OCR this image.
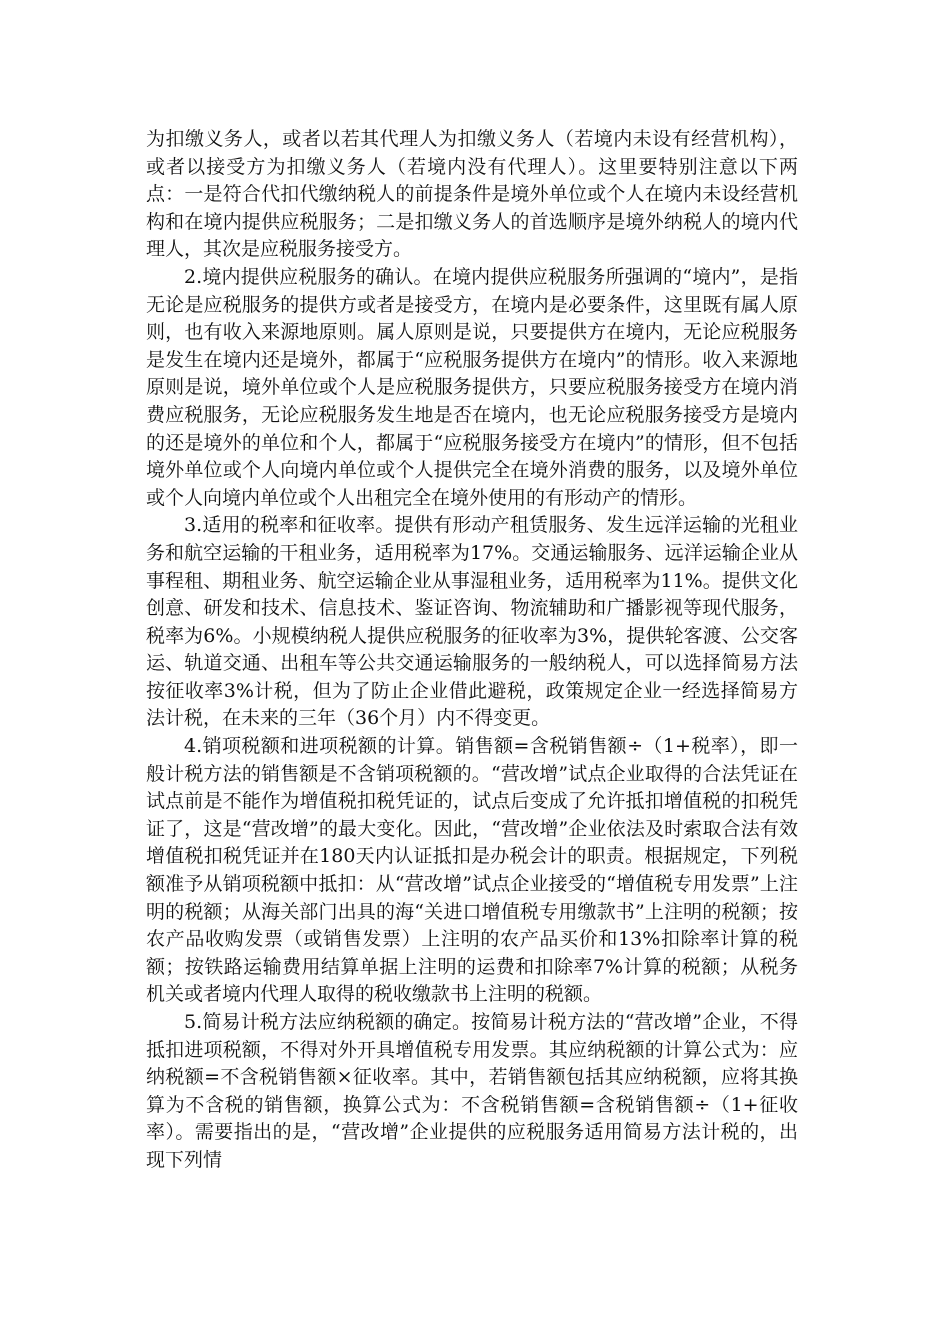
为扣缴义务人，或者以若其代理人为扣缴义务人（若境内未设有经营机构），或者以接受方为扣缴义务人（若境内没有代理人）。这里要特别注意以下两点：一是符合代扣代缴纳税人的前提条件是境外单位或个人在境内未设经营机构和在境内提供应税服务；二是扣缴义务人的首选顺序是境外纳税人的境内代理人，其次是应税服务接受方。

2.境内提供应税服务的确认。在境内提供应税服务所强调的“境内”，是指无论是应税服务的提供方或者是接受方，在境内是必要条件，这里既有属人原则，也有收入来源地原则。属人原则是说，只要提供方在境内，无论应税服务是发生在境内还是境外，都属于“应税服务提供方在境内”的情形。收入来源地原则是说，境外单位或个人是应税服务提供方，只要应税服务接受方在境内消费应税服务，无论应税服务发生地是否在境内，也无论应税服务接受方是境内的还是境外的单位和个人，都属于“应税服务接受方在境内”的情形，但不包括境外单位或个人向境内单位或个人提供完全在境外消费的服务，以及境外单位或个人向境内单位或个人出租完全在境外使用的有形动产的情形。

3.适用的税率和征收率。提供有形动产租赁服务、发生远洋运输的光租业务和航空运输的干租业务，适用税率为17%。交通运输服务、远洋运输企业从事程租、期租业务、航空运输企业从事湿租业务，适用税率为11%。提供文化创意、研发和技术、信息技术、鉴证咨询、物流辅助和广播影视等现代服务，税率为6%。小规模纳税人提供应税服务的征收率为3%，提供轮客渡、公交客运、轨道交通、出租车等公共交通运输服务的一般纳税人，可以选择简易方法按征收率3%计税，但为了防止企业借此避税，政策规定企业一经选择简易方法计税，在未来的三年（36个月）内不得变更。

4.销项税额和进项税额的计算。销售额=含税销售额÷（1+税率），即一般计税方法的销售额是不含销项税额的。“营改增”试点企业取得的合法凭证在试点前是不能作为增值税扣税凭证的，试点后变成了允许抵扣增值税的扣税凭证了，这是“营改增”的最大变化。因此，“营改增”企业依法及时索取合法有效增值税扣税凭证并在180天内认证抵扣是办税会计的职责。根据规定，下列税额准予从销项税额中抵扣：从“营改增”试点企业接受的“增值税专用发票”上注明的税额；从海关部门出具的海“关进口增值税专用缴款书”上注明的税额；按农产品收购发票（或销售发票）上注明的农产品买价和13%扣除率计算的税额；按铁路运输费用结算单据上注明的运费和扣除率7%计算的税额；从税务机关或者境内代理人取得的税收缴款书上注明的税额。

5.简易计税方法应纳税额的确定。按简易计税方法的“营改增”企业，不得抵扣进项税额，不得对外开具增值税专用发票。其应纳税额的计算公式为：应纳税额=不含税销售额×征收率。其中，若销售额包括其应纳税额，应将其换算为不含税的销售额，换算公式为：不含税销售额=含税销售额÷（1+征收率）。需要指出的是，“营改增”企业提供的应税服务适用简易方法计税的，出现下列情
